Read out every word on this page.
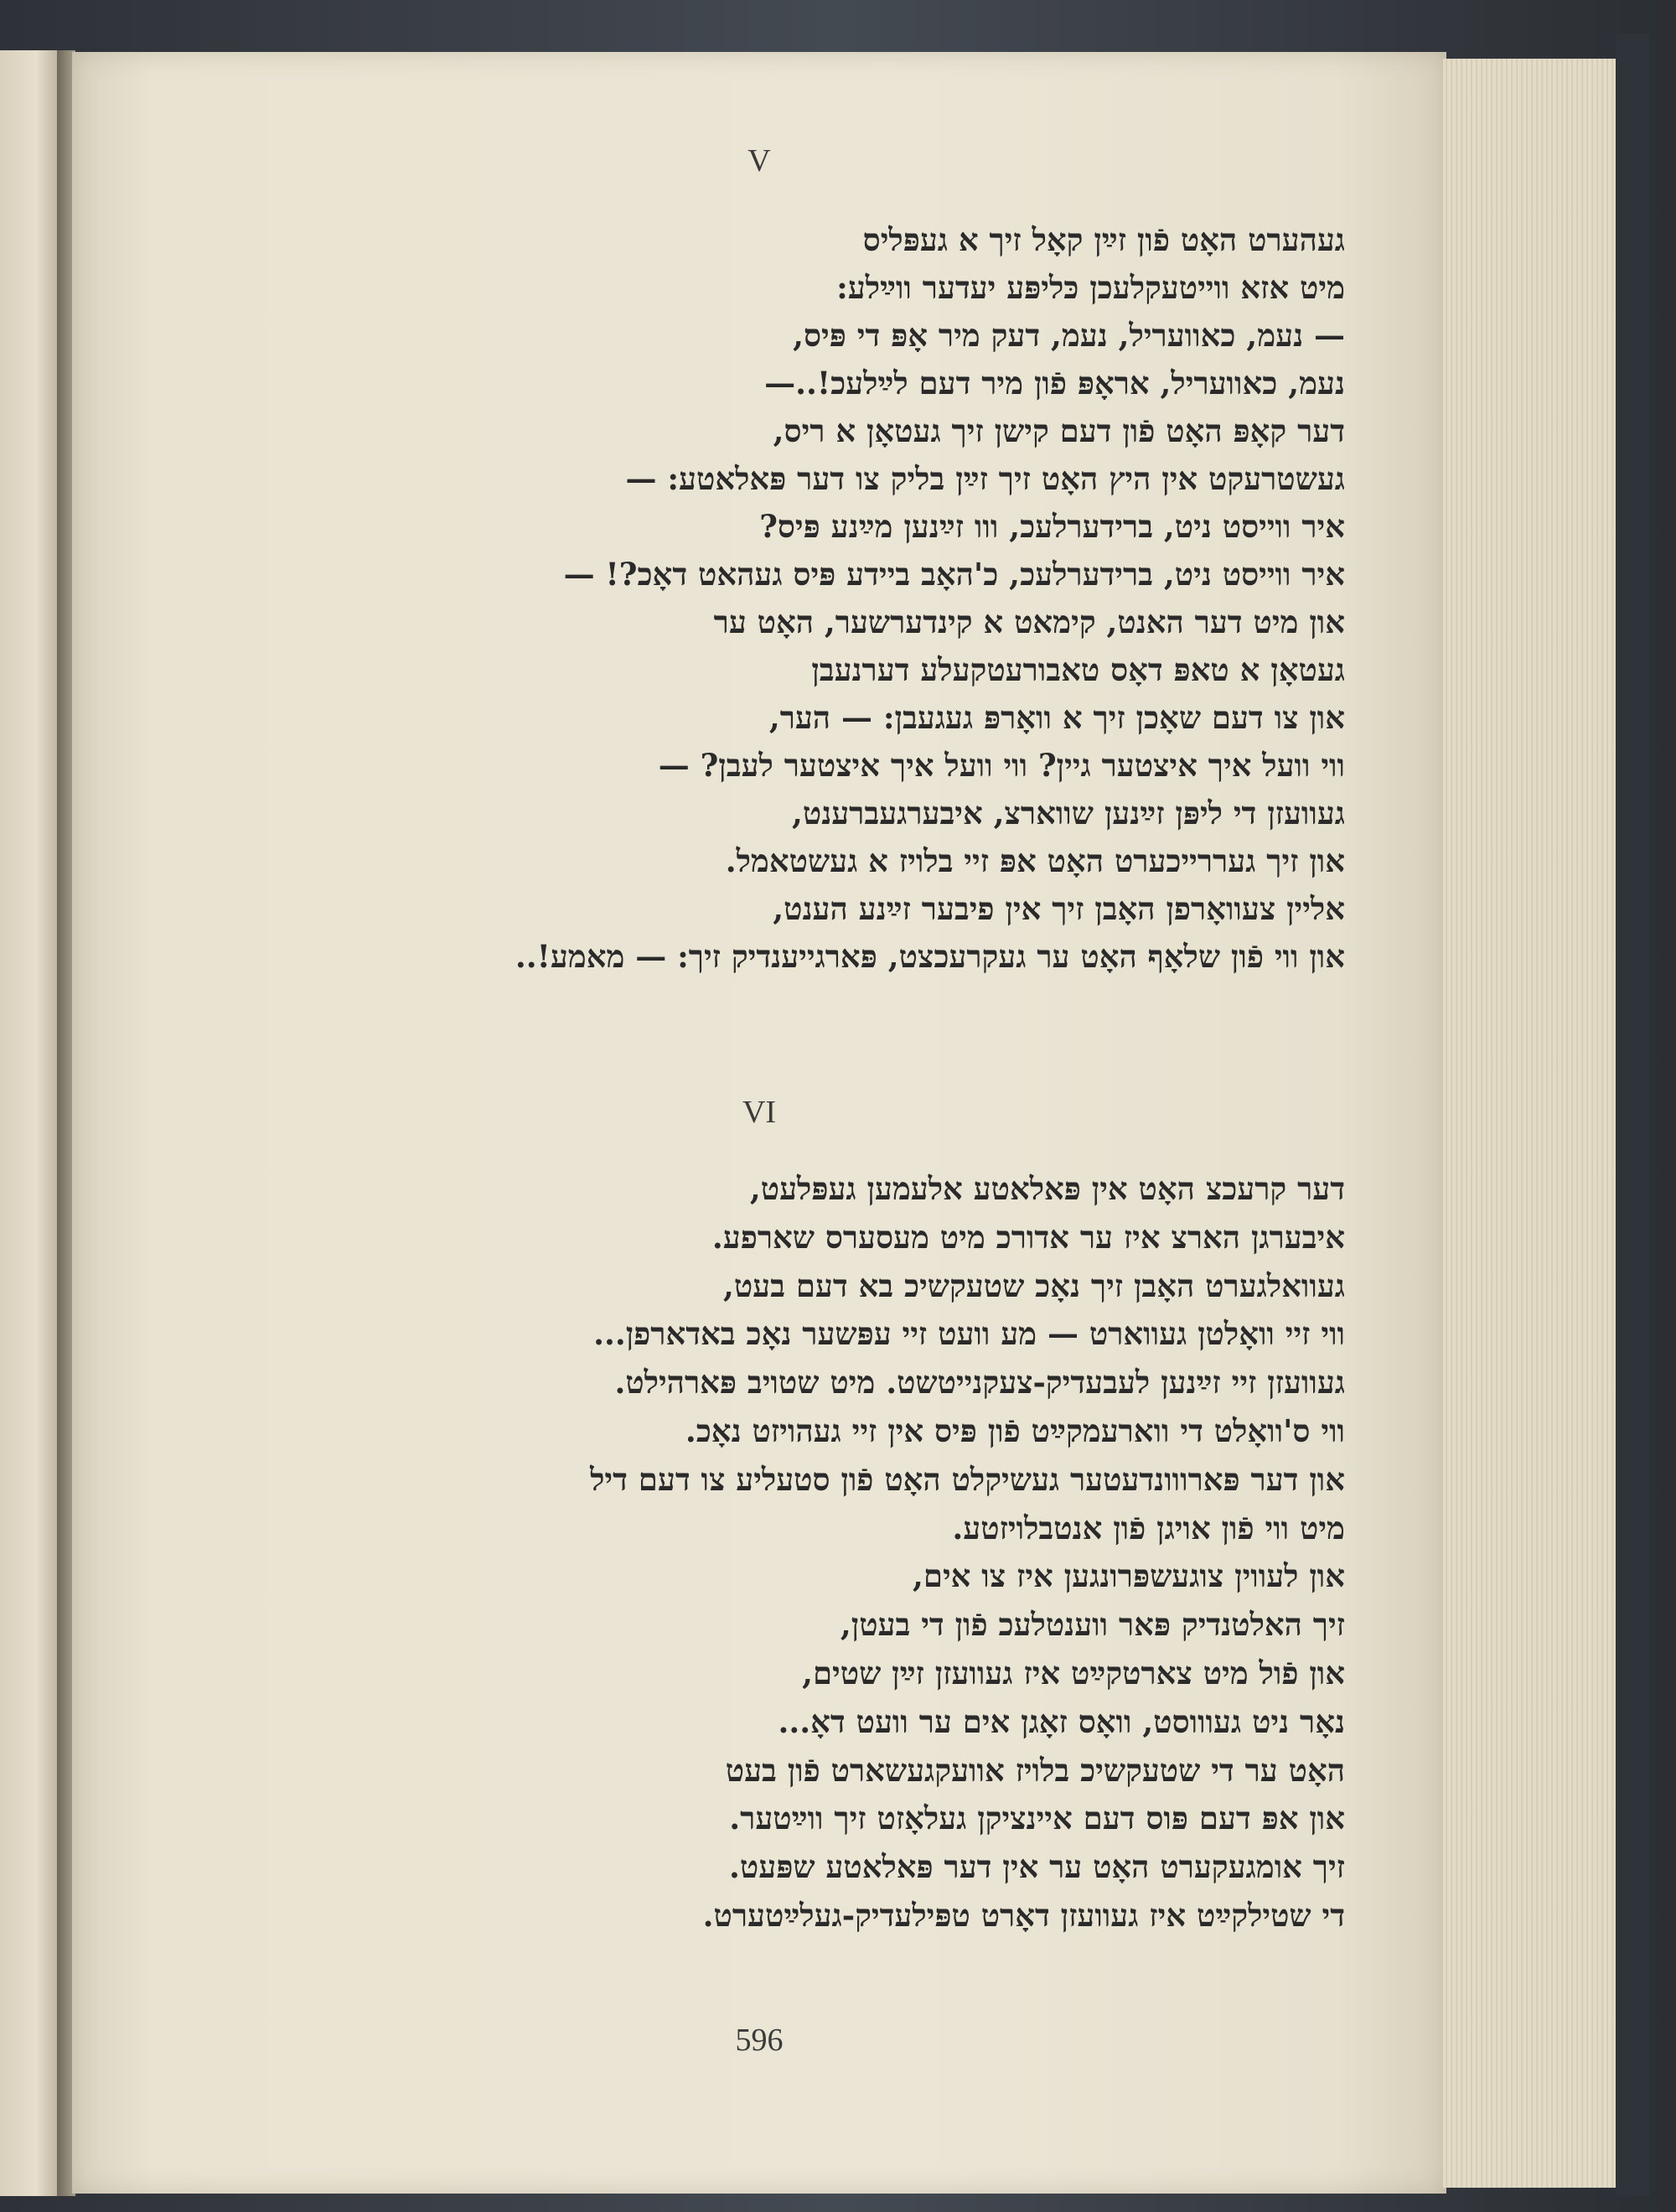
V
געהערט האָט פֿון זײַן קאָל זיך א געפּליס
מיט אזא ווייטעקלעכן כּליפּע יעדער ווײַלע:
— נעמ, כאוועריל, נעמ, דעק מיר אָפּ די פּיס,
נעמ, כאוועריל, אראָפּ פֿון מיר דעם לײַלעכ!..—
דער קאָפּ האָט פֿון דעם קישן זיך געטאָן א ריס,
געשטרעקט אין היץ האָט זיך זײַן בליק צו דער פּאלאטע: —
איר ווייסט ניט, ברידערלעכ, ווו זײַנען מײַנע פּיס?
איר ווייסט ניט, ברידערלעכ, כ'האָב ביידע פּיס געהאט דאָכ?! —
און מיט דער האנט, קימאט א קינדערשער, האָט ער
געטאָן א טאפּ דאָס טאבורעטקעלע דערנעבן
און צו דעם שאָכן זיך א וואָרפּ געגעבן: — הער,
ווי וועל איך איצטער גיין? ווי וועל איך איצטער לעבן? —
געוועזן די ליפּן זײַנען שווארצ, איבערגעברענט,
און זיך געררייכערט האָט אפּ זיי בלויז א געשטאמל.
אליין צעוואָרפן האָבן זיך אין פיבער זײַנע הענט,
און ווי פֿון שלאָף האָט ער געקרעכצט, פּארגייענדיק זיך: — מאמע!..
VI
דער קרעכצ האָט אין פּאלאטע אלעמען געפּלעט,
איבערגן הארצ איז ער אדורכ מיט מעסערס שארפע.
געוואלגערט האָבן זיך נאָכ שטעקשיכ בא דעם בעט,
ווי זיי וואָלטן געווארט — מע וועט זיי עפּשער נאָכ באדארפן...
געוועזן זיי זײַנען לעבעדיק-צעקנייטשט. מיט שטויב פּארהילט.
ווי ס'וואָלט די ווארעמקײַט פֿון פּיס אין זיי געהויזט נאָכ.
און דער פּארווונדעטער געשיקלט האָט פֿון סטעליע צו דעם דיל
מיט ווי פֿון אויגן פֿון אנטבלויזטע.
און לעווין צוגעשפּרונגען איז צו אים,
זיך האלטנדיק פּאר ווענטלעכ פֿון די בעטן,
און פֿול מיט צארטקײַט איז געוועזן זײַן שטים,
נאָר ניט געוווסט, וואָס זאָגן אים ער וועט דאָ...
האָט ער די שטעקשיכ בלויז אוועקגעשארט פֿון בעט
און אפּ דעם פּוס דעם איינציקן געלאָזט זיך ווײַטער.
זיך אומגעקערט האָט ער אין דער פּאלאטע שפּעט.
די שטילקײַט איז געוועזן דאָרט טפּילעדיק-געלײַטערט.
596
